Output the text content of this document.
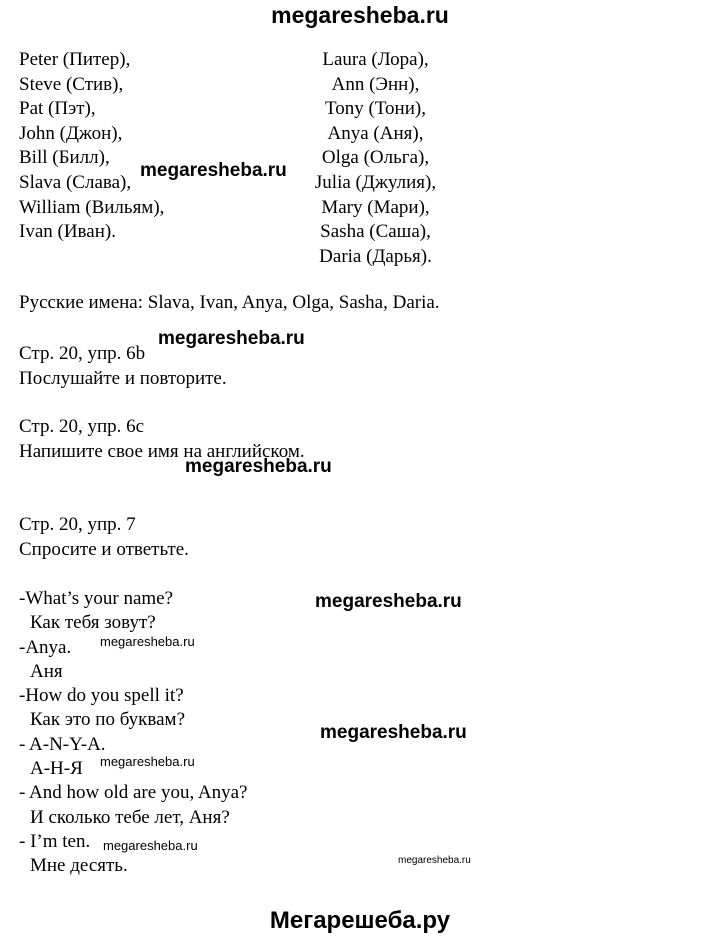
megaresheba.ru
Peter (Питер),
Steve (Стив),
Pat (Пэт),
John (Джон),
Bill (Билл),
Slava (Слава),
William (Вильям),
Ivan (Иван).
Laura (Лора),
Ann (Энн),
Tony (Тони),
Anya (Аня),
Olga (Ольга),
Julia (Джулия),
Mary (Мари),
Sasha (Саша),
Daria (Дарья).
Русские имена: Slava, Ivan, Anya, Olga, Sasha, Daria.
Стр. 20, упр. 6b
Послушайте и повторите.
Стр. 20, упр. 6c
Напишите свое имя на английском.
Стр. 20, упр. 7
Спросите и ответьте.
-What’s your name?
Как тебя зовут?
-Anya.
Аня
-How do you spell it?
Как это по буквам?
- A-N-Y-A.
А-Н-Я
- And how old are you, Anya?
И сколько тебе лет, Аня?
- I’m ten.
Мне десять.
megaresheba.ru
megaresheba.ru
megaresheba.ru
megaresheba.ru
megaresheba.ru
megaresheba.ru
megaresheba.ru
megaresheba.ru
megaresheba.ru
Мегарешеба.ру
